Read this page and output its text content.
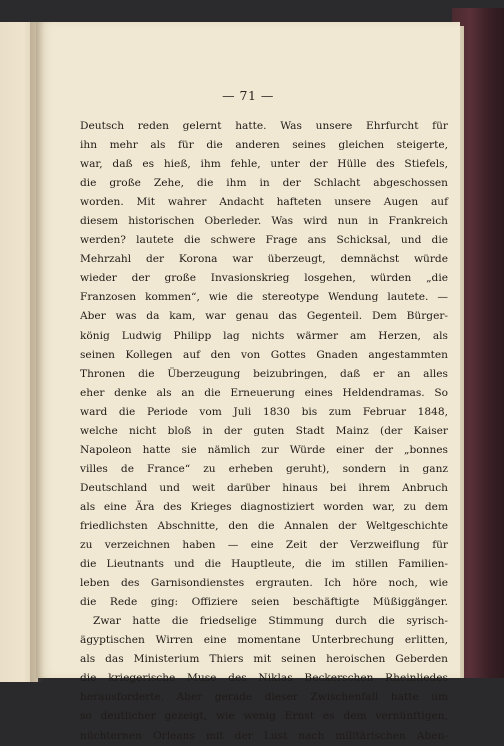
— 71 —
Deutsch reden gelernt hatte. Was unsere Ehrfurcht für
ihn mehr als für die anderen seines gleichen steigerte,
war, daß es hieß, ihm fehle, unter der Hülle des Stiefels,
die große Zehe, die ihm in der Schlacht abgeschossen
worden. Mit wahrer Andacht hafteten unsere Augen auf
diesem historischen Oberleder. Was wird nun in Frankreich
werden? lautete die schwere Frage ans Schicksal, und die
Mehrzahl der Korona war überzeugt, demnächst würde
wieder der große Invasionskrieg losgehen, würden „die
Franzosen kommen“, wie die stereotype Wendung lautete. —
Aber was da kam, war genau das Gegenteil. Dem Bürger-
könig Ludwig Philipp lag nichts wärmer am Herzen, als
seinen Kollegen auf den von Gottes Gnaden angestammten
Thronen die Überzeugung beizubringen, daß er an alles
eher denke als an die Erneuerung eines Heldendramas. So
ward die Periode vom Juli 1830 bis zum Februar 1848,
welche nicht bloß in der guten Stadt Mainz (der Kaiser
Napoleon hatte sie nämlich zur Würde einer der „bonnes
villes de France“ zu erheben geruht), sondern in ganz
Deutschland und weit darüber hinaus bei ihrem Anbruch
als eine Ära des Krieges diagnostiziert worden war, zu dem
friedlichsten Abschnitte, den die Annalen der Weltgeschichte
zu verzeichnen haben — eine Zeit der Verzweiflung für
die Lieutnants und die Hauptleute, die im stillen Familien-
leben des Garnisondienstes ergrauten. Ich höre noch, wie
die Rede ging: Offiziere seien beschäftigte Müßiggänger.
Zwar hatte die friedselige Stimmung durch die syrisch-
ägyptischen Wirren eine momentane Unterbrechung erlitten,
als das Ministerium Thiers mit seinen heroischen Geberden
die kriegerische Muse des Niklas Beckerschen Rheinliedes
herausforderte. Aber gerade dieser Zwischenfall hatte um
so deutlicher gezeigt, wie wenig Ernst es dem vernünftigen,
nüchternen Orleans mit der Lust nach militärischen Aben-
